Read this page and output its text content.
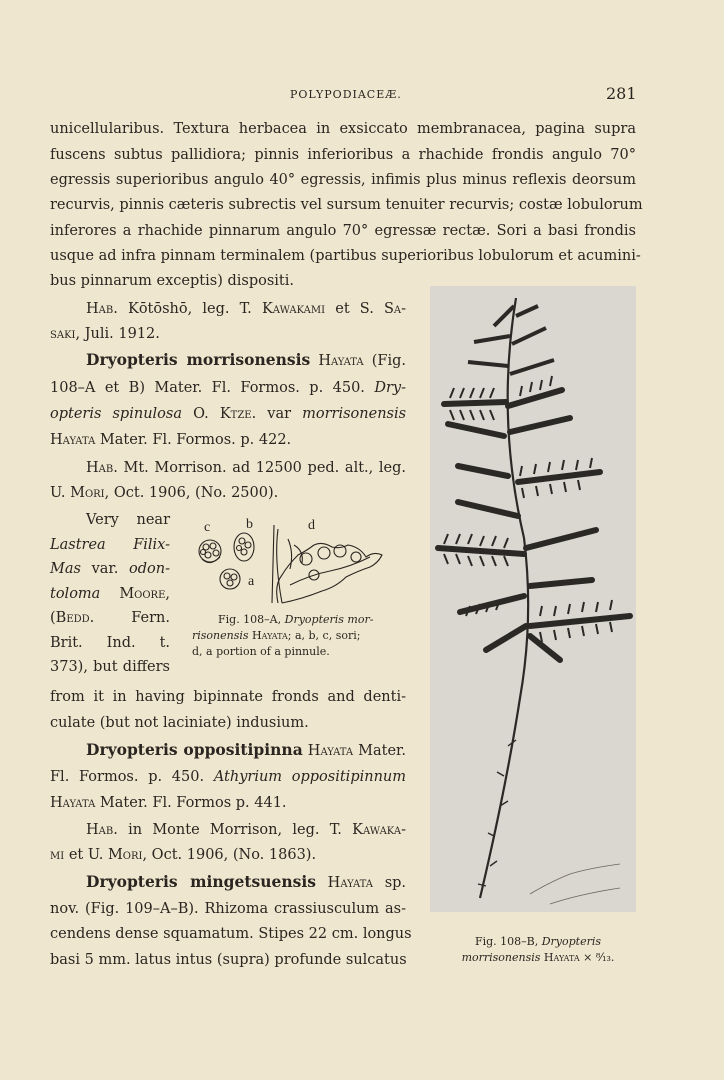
POLYPODIACEÆ.	281
unicellularibus. Textura herbacea in exsiccato membranacea, pagina supra
fuscens subtus pallidiora; pinnis inferioribus a rhachide frondis angulo 70°
egressis superioribus angulo 40° egressis, infimis plus minus reflexis deorsum
recurvis, pinnis cæteris subrectis vel sursum tenuiter recurvis; costæ lobulorum
inferores a rhachide pinnarum angulo 70° egressæ rectæ. Sori a basi frondis
usque ad infra pinnam terminalem (partibus superioribus lobulorum et acumini-
bus pinnarum exceptis) dispositi.
Hab. Kōtōshō, leg. T. Kawakami et S. Sa-
saki, Juli. 1912.
Dryopteris morrisonensis Hayata (Fig.
108–A et B) Mater. Fl. Formos. p. 450. Dry-
opteris spinulosa O. Ktze. var morrisonensis
Hayata Mater. Fl. Formos. p. 422.
Hab. Mt. Morrison. ad 12500 ped. alt., leg.
U. Mori, Oct. 1906, (No. 2500).
Very near
Lastrea Filix-
Mas var. odon-
toloma Moore,
(Bedd.	Fern.
Brit. Ind. t.
373), but differs
c	b
a
d
Fig. 108–A, Dryopteris mor-
risonensis Hayata; a, b, c, sori;
d, a portion of a pinnule.
from it in having bipinnate fronds and denti-
culate (but not laciniate) indusium.
Dryopteris oppositipinna Hayata Mater.
Fl. Formos. p. 450. Athyrium oppositipinnum
Hayata Mater. Fl. Formos p. 441.
Hab. in Monte Morrison, leg. T. Kawaka-
mi et U. Mori, Oct. 1906, (No. 1863).
Dryopteris mingetsuensis Hayata sp.
nov. (Fig. 109–A–B). Rhizoma crassiusculum as-
cendens dense squamatum. Stipes 22 cm. longus
basi 5 mm. latus intus (supra) profunde sulcatus
Fig. 108–B, Dryopteris
morrisonensis Hayata × ⁸⁄₁₃.
